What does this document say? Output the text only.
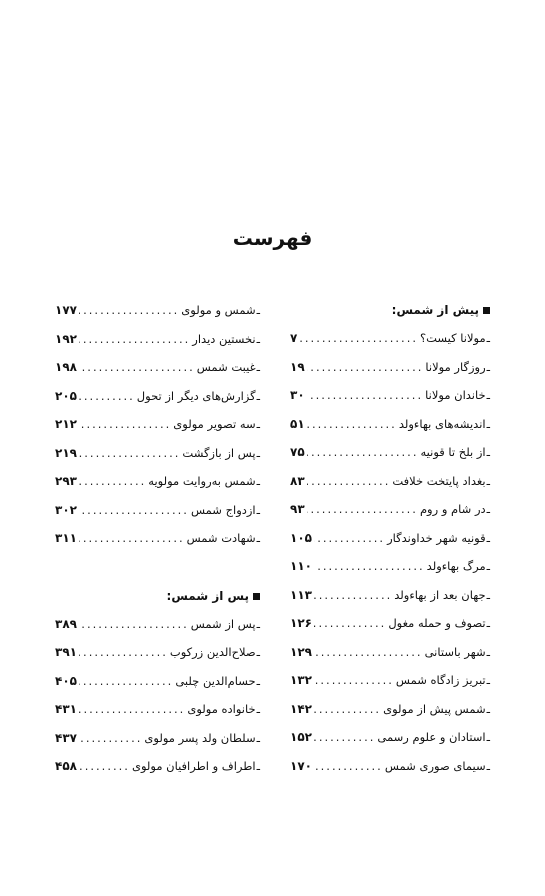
فهرست
پیش از شمس:
ـ
مولانا کیست؟
.....
۷
ـ
روزگار مولانا
.....
۱۹
ـ
خاندان مولانا
.....
۳۰
ـ
اندیشه‌های بهاءولد
.....
۵۱
ـ
از بلخ تا قونیه
.....
۷۵
ـ
بغداد پایتخت خلافت
.....
۸۳
ـ
در شام و روم
.....
۹۳
ـ
قونیه شهر خداوندگار
.....
۱۰۵
ـ
مرگ بهاءولد
.....
۱۱۰
ـ
جهان بعد از بهاءولد
.....
۱۱۳
ـ
تصوف و حمله مغول
.....
۱۲۶
ـ
شهر باستانی
.....
۱۲۹
ـ
تبریز زادگاه شمس
.....
۱۳۲
ـ
شمس پیش از مولوی
.....
۱۴۲
ـ
استادان و علوم رسمی
.....
۱۵۲
ـ
سیمای صوری شمس
.....
۱۷۰
ـ
شمس و مولوی
.....
۱۷۷
ـ
نخستین دیدار
.....
۱۹۲
ـ
غیبت شمس
.....
۱۹۸
ـ
گزارش‌های دیگر از تحول
.....
۲۰۵
ـ
سه تصویر مولوی
.....
۲۱۲
ـ
پس از بازگشت
.....
۲۱۹
ـ
شمس به‌روایت مولویه
.....
۲۹۳
ـ
ازدواج شمس
.....
۳۰۲
ـ
شهادت شمس
.....
۳۱۱
پس از شمس:
ـ
پس از شمس
.....
۳۸۹
ـ
صلاح‌الدین زرکوب
.....
۳۹۱
ـ
حسام‌الدین چلبی
.....
۴۰۵
ـ
خانواده مولوی
.....
۴۳۱
ـ
سلطان ولد پسر مولوی
.....
۴۳۷
ـ
اطراف و اطرافیان مولوی
.....
۴۵۸
